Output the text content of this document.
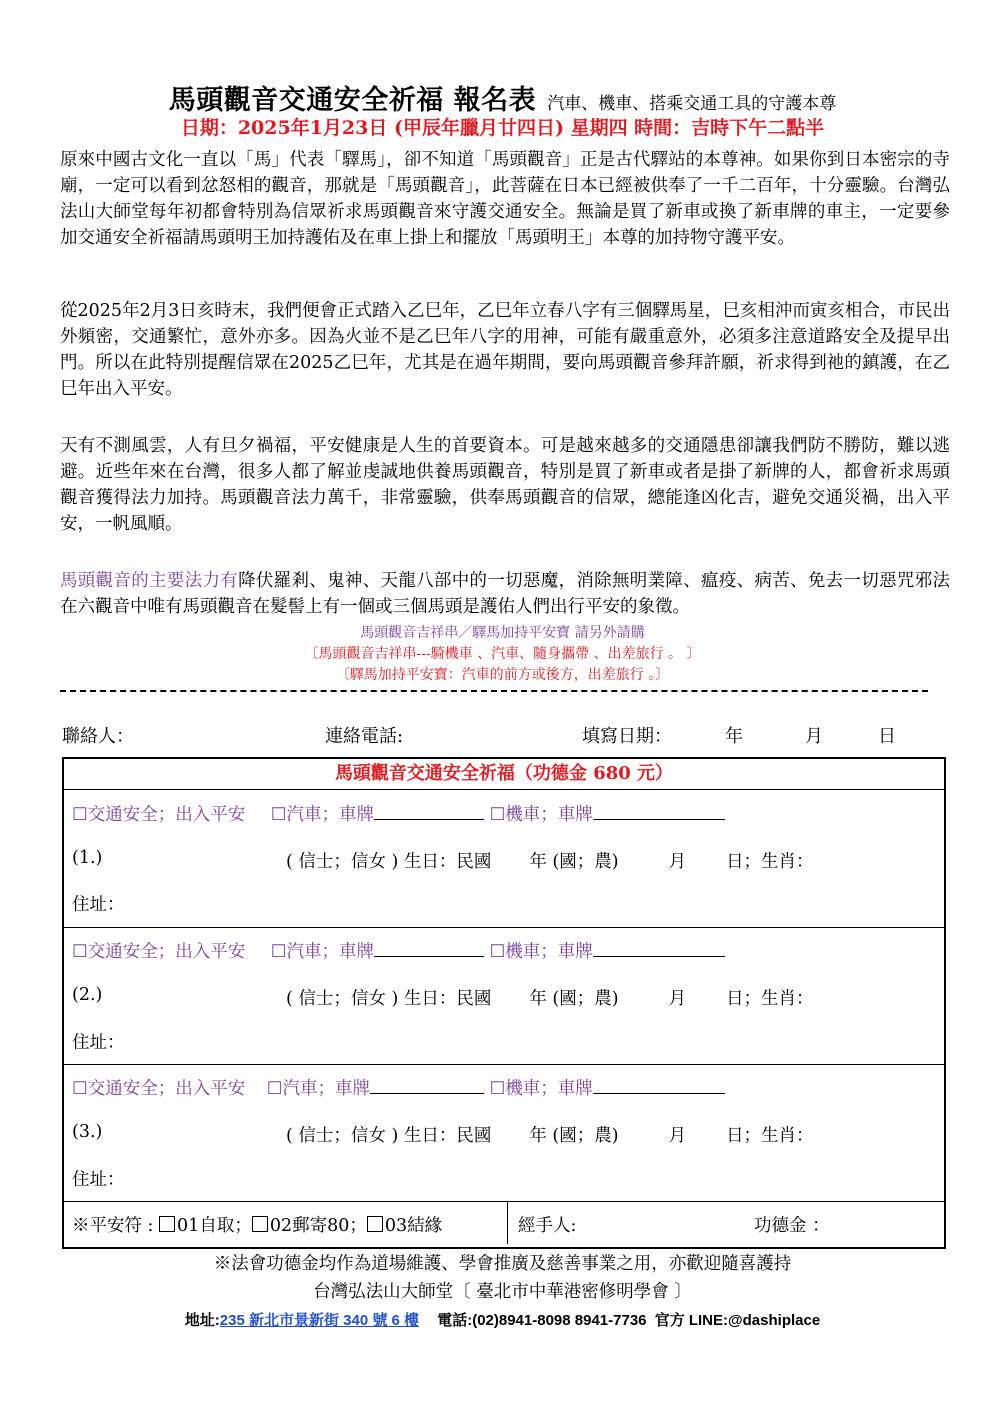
馬頭觀音交通安全祈福 報名表 汽車、機車、搭乘交通工具的守護本尊
日期：2025年1月23日 (甲辰年臘月廿四日) 星期四 時間：吉時下午二點半
原來中國古文化一直以「馬」代表「驛馬」，卻不知道「馬頭觀音」正是古代驛站的本尊神。如果你到日本密宗的寺廟，一定可以看到忿怒相的觀音，那就是「馬頭觀音」，此菩薩在日本已經被供奉了一千二百年，十分靈驗。台灣弘法山大師堂每年初都會特別為信眾祈求馬頭觀音來守護交通安全。無論是買了新車或換了新車牌的車主，一定要參加交通安全祈福請馬頭明王加持護佑及在車上掛上和擺放「馬頭明王」本尊的加持物守護平安。
從2025年2月3日亥時末，我們便會正式踏入乙巳年，乙巳年立春八字有三個驛馬星，巳亥相沖而寅亥相合，市民出外頻密，交通繁忙，意外亦多。因為火並不是乙巳年八字的用神，可能有嚴重意外，必須多注意道路安全及提早出門。所以在此特別提醒信眾在2025乙巳年，尤其是在過年期間，要向馬頭觀音參拜許願，祈求得到祂的鎮護，在乙巳年出入平安。
天有不測風雲，人有旦夕禍福，平安健康是人生的首要資本。可是越來越多的交通隱患卻讓我們防不勝防，難以逃避。近些年來在台灣，很多人都了解並虔誠地供養馬頭觀音，特別是買了新車或者是掛了新牌的人，都會祈求馬頭觀音獲得法力加持。馬頭觀音法力萬千，非常靈驗，供奉馬頭觀音的信眾，總能逢凶化吉，避免交通災禍，出入平安，一帆風順。
馬頭觀音的主要法力有降伏羅剎、鬼神、天龍八部中的一切惡魔，消除無明業障、瘟疫、病苦、免去一切惡咒邪法在六觀音中唯有馬頭觀音在髮髻上有一個或三個馬頭是護佑人們出行平安的象徵。
馬頭觀音吉祥串／驛馬加持平安寶 請另外請購
〔馬頭觀音吉祥串---騎機車 、汽車、隨身攜帶 、出差旅行 。 〕
〔驛馬加持平安寶：汽車的前方或後方，出差旅行 。〕
聯絡人：	連絡電話:	填寫日期：	年	月	日
馬頭觀音交通安全祈福（功德金 680 元）
☐交通安全；出入平安 ☐汽車；車牌	☐機車；車牌
(1.)	( 信士；信女 ) 生日：民國 年 (國；農)	月 日；生肖：
住址：
☐交通安全；出入平安 ☐汽車；車牌	☐機車；車牌
(2.)	( 信士；信女 ) 生日：民國 年 (國；農)	月 日；生肖：
住址：
☐交通安全；出入平安 ☐汽車；車牌	☐機車；車牌
(3.)	( 信士；信女 ) 生日：民國 年 (國；農)	月 日；生肖：
住址：
※平安符 : 01自取； 02郵寄80； 03結緣	經手人:	功德金 ：
※法會功德金均作為道場維護、學會推廣及慈善事業之用，亦歡迎隨喜護持
台灣弘法山大師堂〔 臺北市中華港密修明學會 〕
地址:235 新北市景新街 340 號 6 樓 電話:(02)8941-8098 8941-7736 官方 LINE:@dashiplace
